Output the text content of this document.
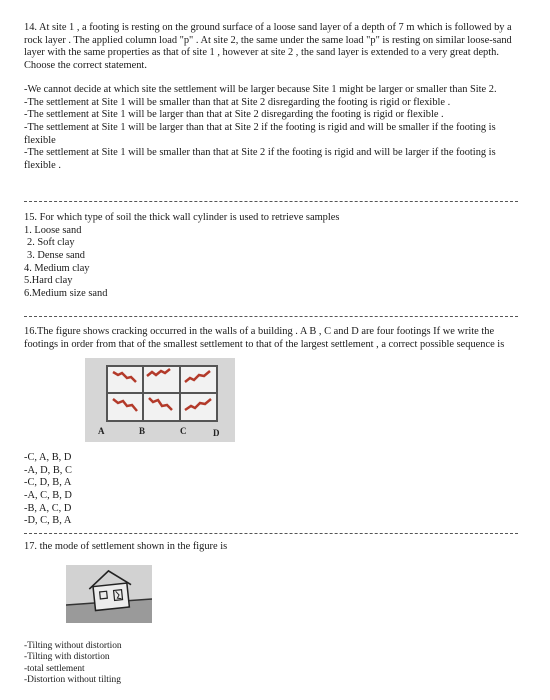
14. At site 1 , a footing is resting on the ground surface of a loose sand layer of a depth of 7 m which is followed by a rock layer . The applied column load "p" . At site 2, the same under the same load "p" is resting on similar loose-sand layer with the same properties as that of site 1 , however at site 2 , the sand layer is extended to a very great depth. Choose the correct statement.

-We cannot decide at which site the settlement will be larger because Site 1 might be larger or smaller than Site 2.

-The settlement at Site 1 will be smaller than that at Site 2 disregarding the footing is rigid or flexible .

-The settlement at Site 1 will be larger than that at Site 2 disregarding the footing is rigid or flexible .

-The settlement at Site 1 will be larger than that at Site 2 if the footing is rigid and will be smaller if the footing is flexible

-The settlement at Site 1 will be smaller than that at Site 2 if the footing is rigid and will be larger if the footing is flexible .

15. For which type of soil the thick wall cylinder is used to retrieve samples

1. Loose sand

2. Soft clay

3. Dense sand

4. Medium clay

5.Hard clay

6.Medium size sand

16.The figure shows cracking occurred in the walls of a building . A B , C and D are four footings If we write the footings in order from that of the smallest settlement to that of the largest settlement , a correct possible sequence is

A	B	C	D

-C, A, B, D

-A, D, B, C

-C, D, B, A

-A, C, B, D

-B, A, C, D

-D, C, B, A

17. the mode of settlement shown in the figure is

-Tilting without distortion

-Tilting with distortion

-total settlement

-Distortion without tilting
